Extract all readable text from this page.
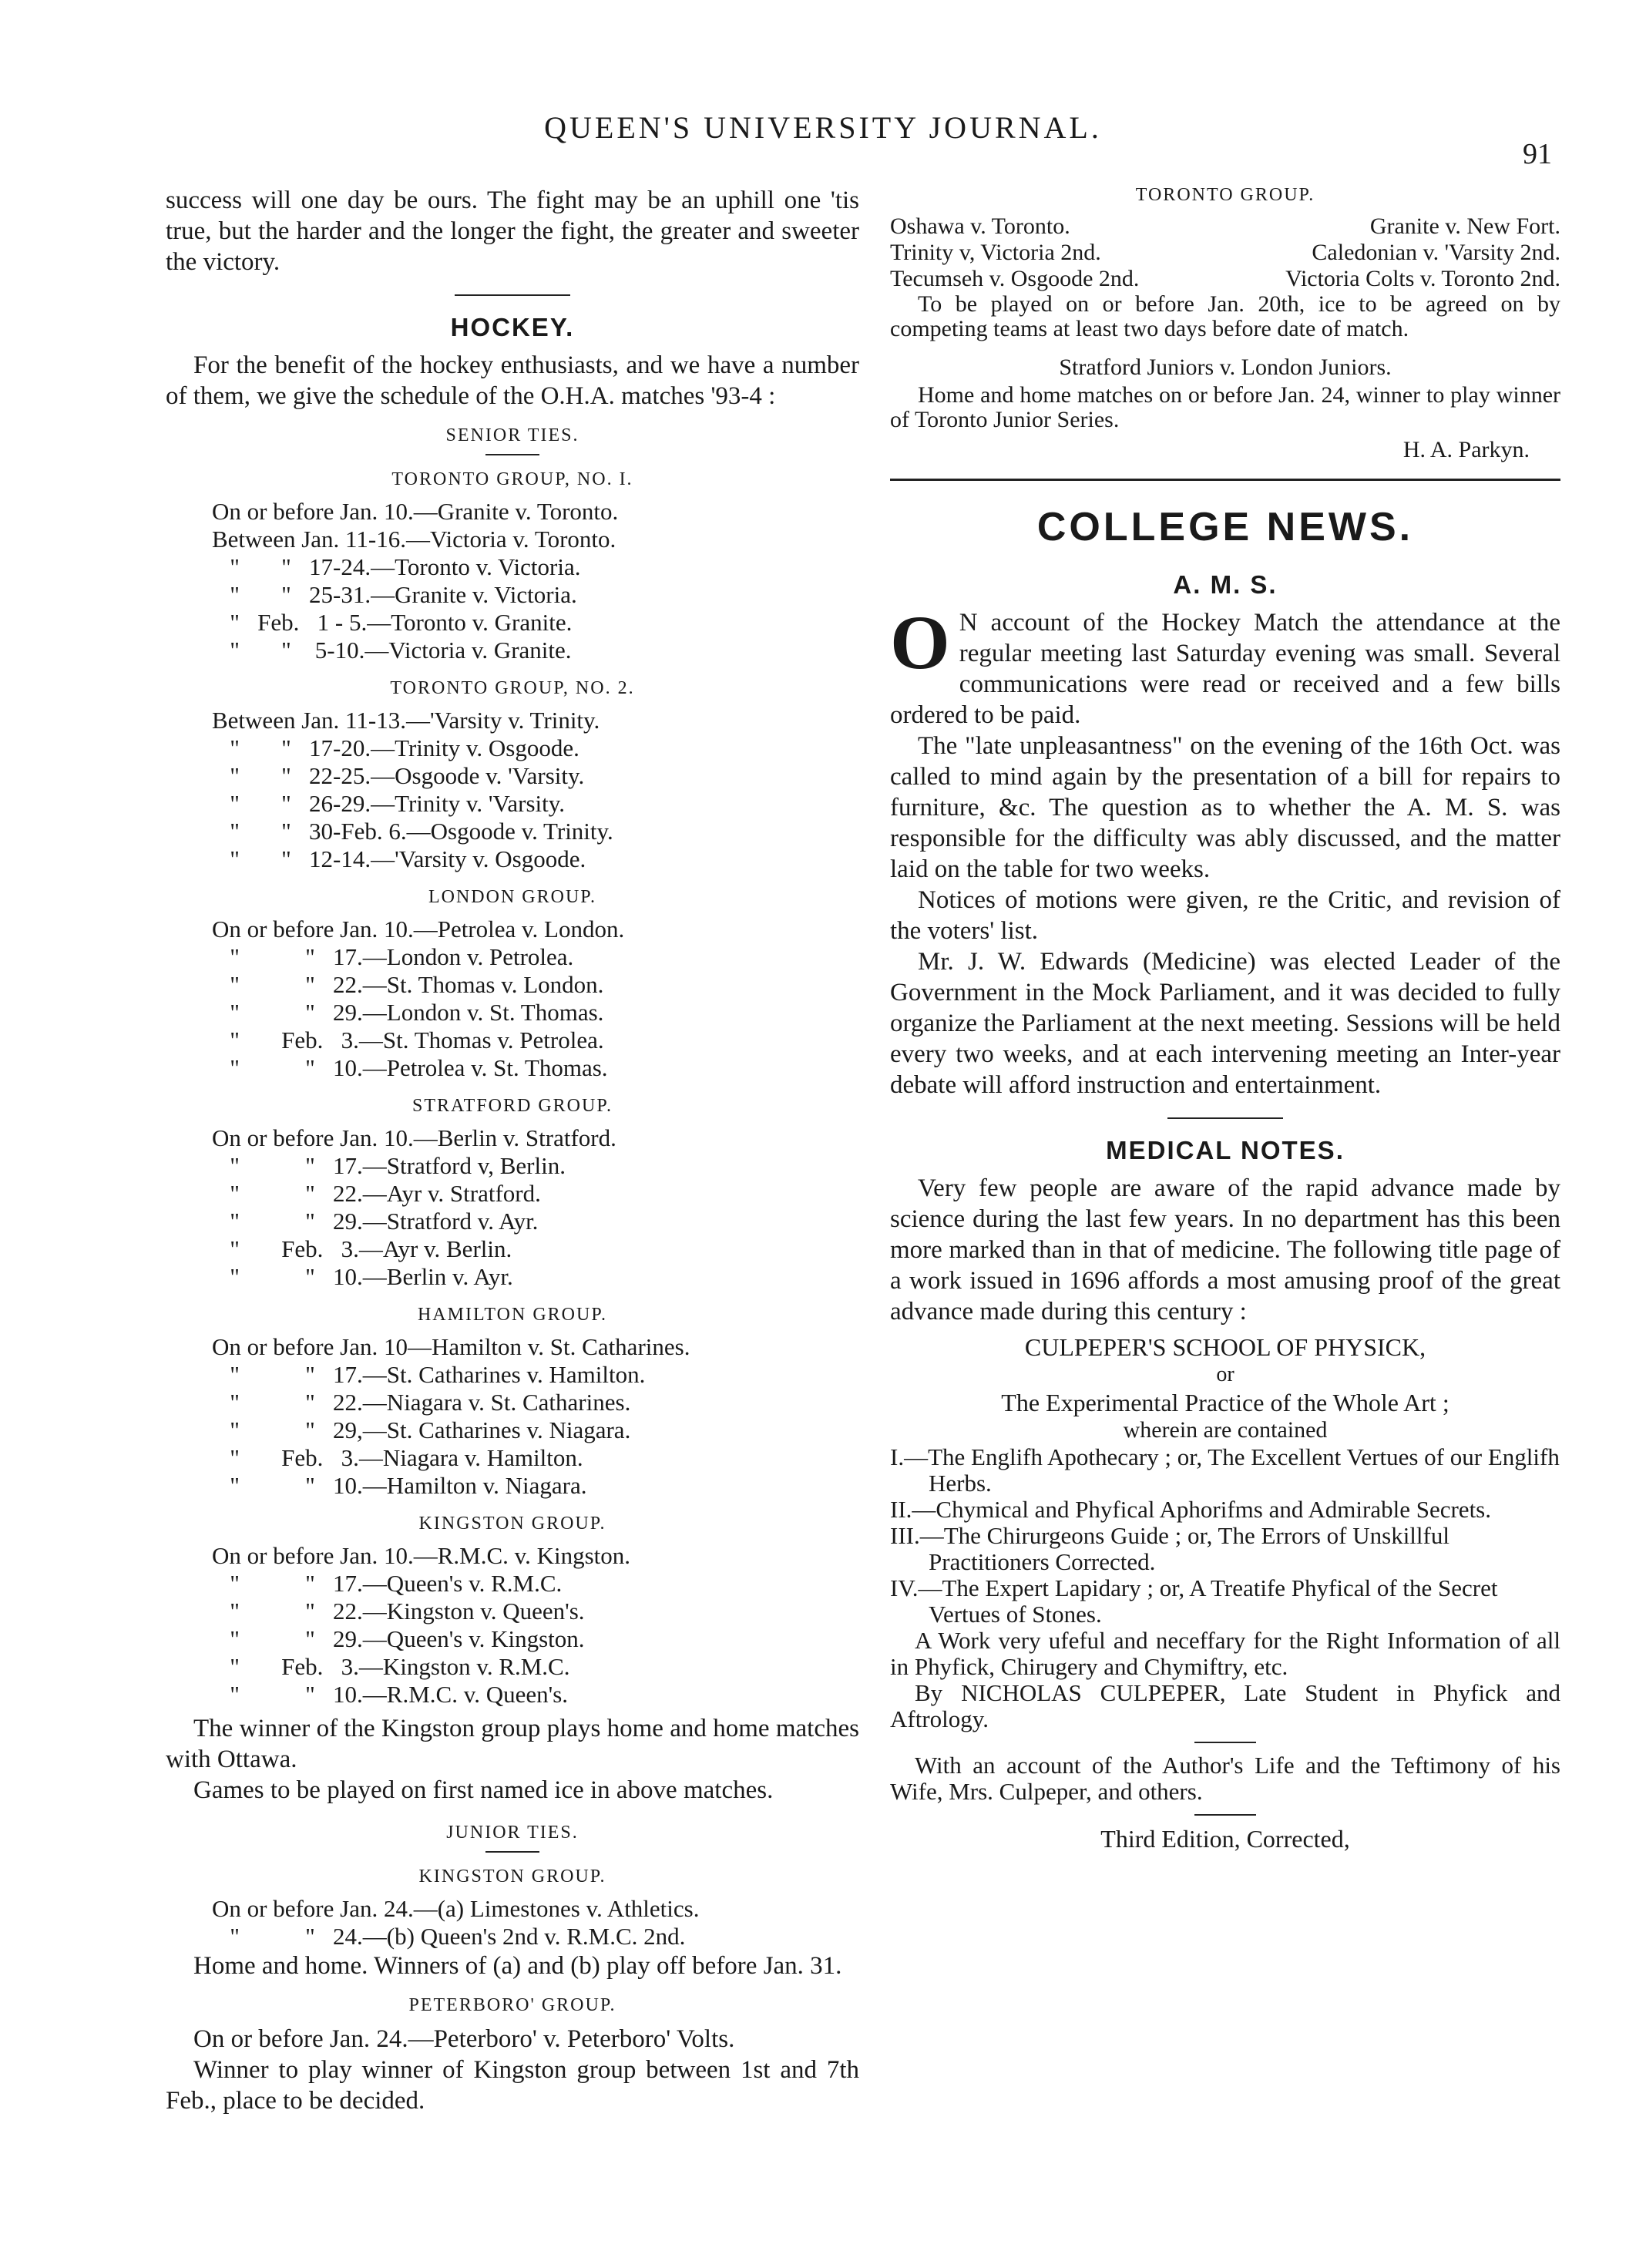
QUEEN'S UNIVERSITY JOURNAL.
91

success will one day be ours. The fight may be an uphill one 'tis true, but the harder and the longer the fight, the greater and sweeter the victory.

HOCKEY.

For the benefit of the hockey enthusiasts, and we have a number of them, we give the schedule of the O.H.A. matches '93-4 :

SENIOR TIES.
TORONTO GROUP, NO. I.
On or before Jan. 10.—Granite v. Toronto.
Between Jan. 11-16.—Victoria v. Toronto.
"       "   17-24.—Toronto v. Victoria.
"       "   25-31.—Granite v. Victoria.
"   Feb.   1 - 5.—Toronto v. Granite.
"       "    5-10.—Victoria v. Granite.
TORONTO GROUP, NO. 2.
Between Jan. 11-13.—'Varsity v. Trinity.
"       "   17-20.—Trinity v. Osgoode.
"       "   22-25.—Osgoode v. 'Varsity.
"       "   26-29.—Trinity v. 'Varsity.
"       "   30-Feb. 6.—Osgoode v. Trinity.
"       "   12-14.—'Varsity v. Osgoode.
LONDON GROUP.
On or before Jan. 10.—Petrolea v. London.
"           "   17.—London v. Petrolea.
"           "   22.—St. Thomas v. London.
"           "   29.—London v. St. Thomas.
"       Feb.   3.—St. Thomas v. Petrolea.
"           "   10.—Petrolea v. St. Thomas.
STRATFORD GROUP.
On or before Jan. 10.—Berlin v. Stratford.
"           "   17.—Stratford v, Berlin.
"           "   22.—Ayr v. Stratford.
"           "   29.—Stratford v. Ayr.
"       Feb.   3.—Ayr v. Berlin.
"           "   10.—Berlin v. Ayr.
HAMILTON GROUP.
On or before Jan. 10—Hamilton v. St. Catharines.
"           "   17.—St. Catharines v. Hamilton.
"           "   22.—Niagara v. St. Catharines.
"           "   29,—St. Catharines v. Niagara.
"       Feb.   3.—Niagara v. Hamilton.
"           "   10.—Hamilton v. Niagara.
KINGSTON GROUP.
On or before Jan. 10.—R.M.C. v. Kingston.
"           "   17.—Queen's v. R.M.C.
"           "   22.—Kingston v. Queen's.
"           "   29.—Queen's v. Kingston.
"       Feb.   3.—Kingston v. R.M.C.
"           "   10.—R.M.C. v. Queen's.

The winner of the Kingston group plays home and home matches with Ottawa.

Games to be played on first named ice in above matches.

JUNIOR TIES.
KINGSTON GROUP.
On or before Jan. 24.—(a) Limestones v. Athletics.
"           "   24.—(b) Queen's 2nd v. R.M.C. 2nd.

Home and home. Winners of (a) and (b) play off before Jan. 31.

PETERBORO' GROUP.

On or before Jan. 24.—Peterboro' v. Peterboro' Volts.

Winner to play winner of Kingston group between 1st and 7th Feb., place to be decided.

TORONTO GROUP.
Oshawa v. Toronto.	Granite v. New Fort.
Trinity v, Victoria 2nd.	Caledonian v. 'Varsity 2nd.
Tecumseh v. Osgoode 2nd.	Victoria Colts v. Toronto 2nd.

To be played on or before Jan. 20th, ice to be agreed on by competing teams at least two days before date of match.

Stratford Juniors v. London Juniors.

Home and home matches on or before Jan. 24, winner to play winner of Toronto Junior Series.

H. A. Parkyn.
COLLEGE NEWS.
A. M. S.

O N account of the Hockey Match the attendance at the regular meeting last Saturday evening was small. Several communications were read or received and a few bills ordered to be paid.

The "late unpleasantness" on the evening of the 16th Oct. was called to mind again by the presentation of a bill for repairs to furniture, &c. The question as to whether the A. M. S. was responsible for the difficulty was ably discussed, and the matter laid on the table for two weeks.

Notices of motions were given, re the Critic, and revision of the voters' list.

Mr. J. W. Edwards (Medicine) was elected Leader of the Government in the Mock Parliament, and it was decided to fully organize the Parliament at the next meeting. Sessions will be held every two weeks, and at each intervening meeting an Inter-year debate will afford instruction and entertainment.

MEDICAL NOTES.

Very few people are aware of the rapid advance made by science during the last few years. In no department has this been more marked than in that of medicine. The following title page of a work issued in 1696 affords a most amusing proof of the great advance made during this century :

CULPEPER'S SCHOOL OF PHYSICK,
or
The Experimental Practice of the Whole Art ;
wherein are contained
I.—The Englifh Apothecary ; or, The Excellent Vertues of our Englifh Herbs.
II.—Chymical and Phyfical Aphorifms and Admirable Secrets.
III.—The Chirurgeons Guide ; or, The Errors of Unskillful Practitioners Corrected.
IV.—The Expert Lapidary ; or, A Treatife Phyfical of the Secret Vertues of Stones.
A Work very ufeful and neceffary for the Right Information of all in Phyfick, Chirugery and Chymiftry, etc.
By NICHOLAS CULPEPER, Late Student in Phyfick and Aftrology.
With an account of the Author's Life and the Teftimony of his Wife, Mrs. Culpeper, and others.
Third Edition, Corrected,
